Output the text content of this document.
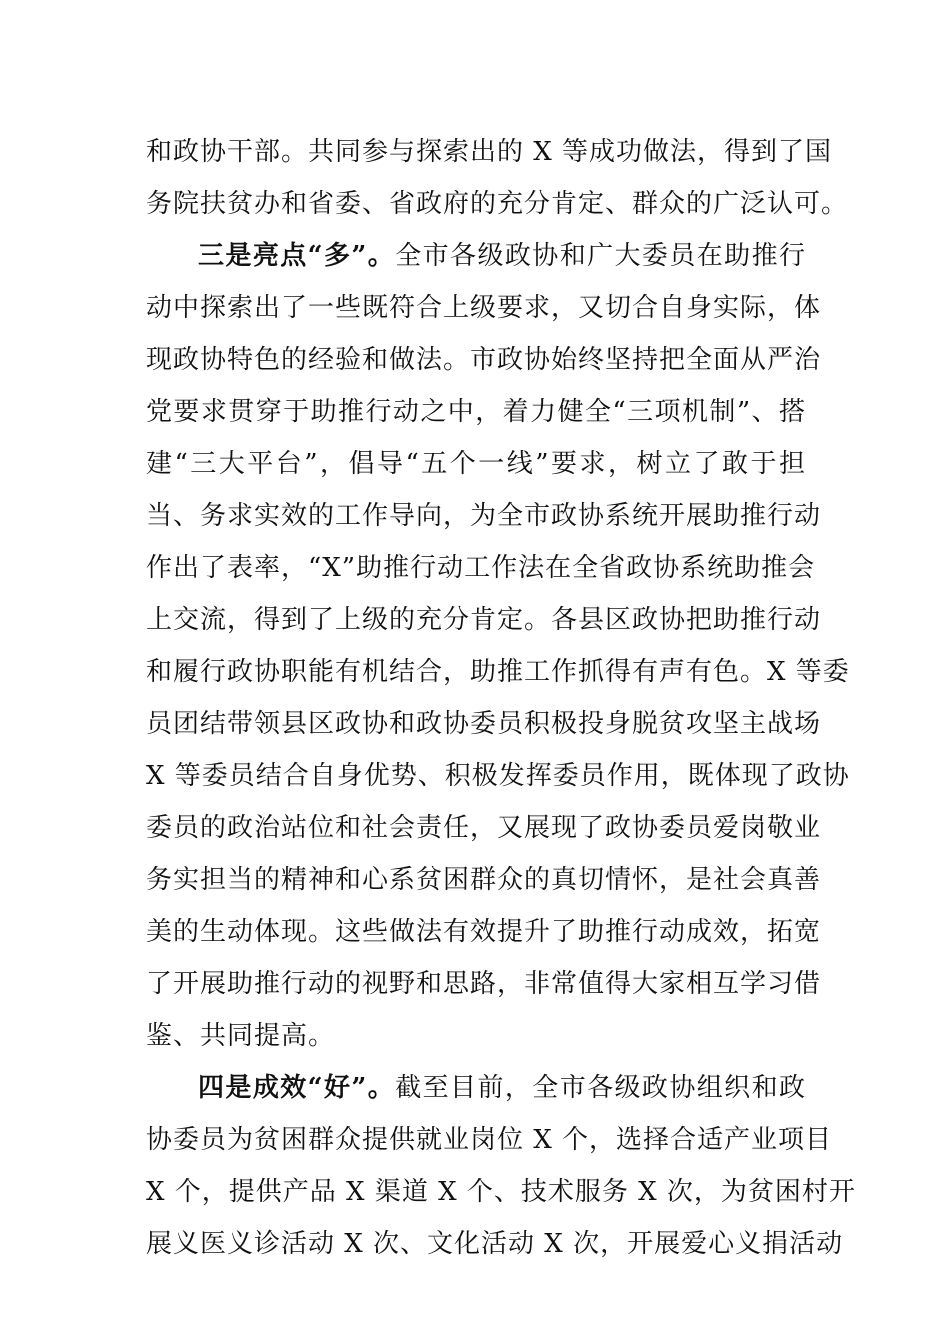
和政协干部。共同参与探索出的 X 等成功做法，得到了国
务院扶贫办和省委、省政府的充分肯定、群众的广泛认可。
三是亮点“多”。全市各级政协和广大委员在助推行
动中探索出了一些既符合上级要求，又切合自身实际，体
现政协特色的经验和做法。市政协始终坚持把全面从严治
党要求贯穿于助推行动之中，着力健全“三项机制”、搭
建“三大平台”，倡导“五个一线”要求，树立了敢于担
当、务求实效的工作导向，为全市政协系统开展助推行动
作出了表率，“X”助推行动工作法在全省政协系统助推会
上交流，得到了上级的充分肯定。各县区政协把助推行动
和履行政协职能有机结合，助推工作抓得有声有色。X 等委
员团结带领县区政协和政协委员积极投身脱贫攻坚主战场
X 等委员结合自身优势、积极发挥委员作用，既体现了政协
委员的政治站位和社会责任，又展现了政协委员爱岗敬业
务实担当的精神和心系贫困群众的真切情怀，是社会真善
美的生动体现。这些做法有效提升了助推行动成效，拓宽
了开展助推行动的视野和思路，非常值得大家相互学习借
鉴、共同提高。
四是成效“好”。截至目前，全市各级政协组织和政
协委员为贫困群众提供就业岗位 X 个，选择合适产业项目
X 个，提供产品 X 渠道 X 个、技术服务 X 次，为贫困村开
展义医义诊活动 X 次、文化活动 X 次，开展爱心义捐活动
